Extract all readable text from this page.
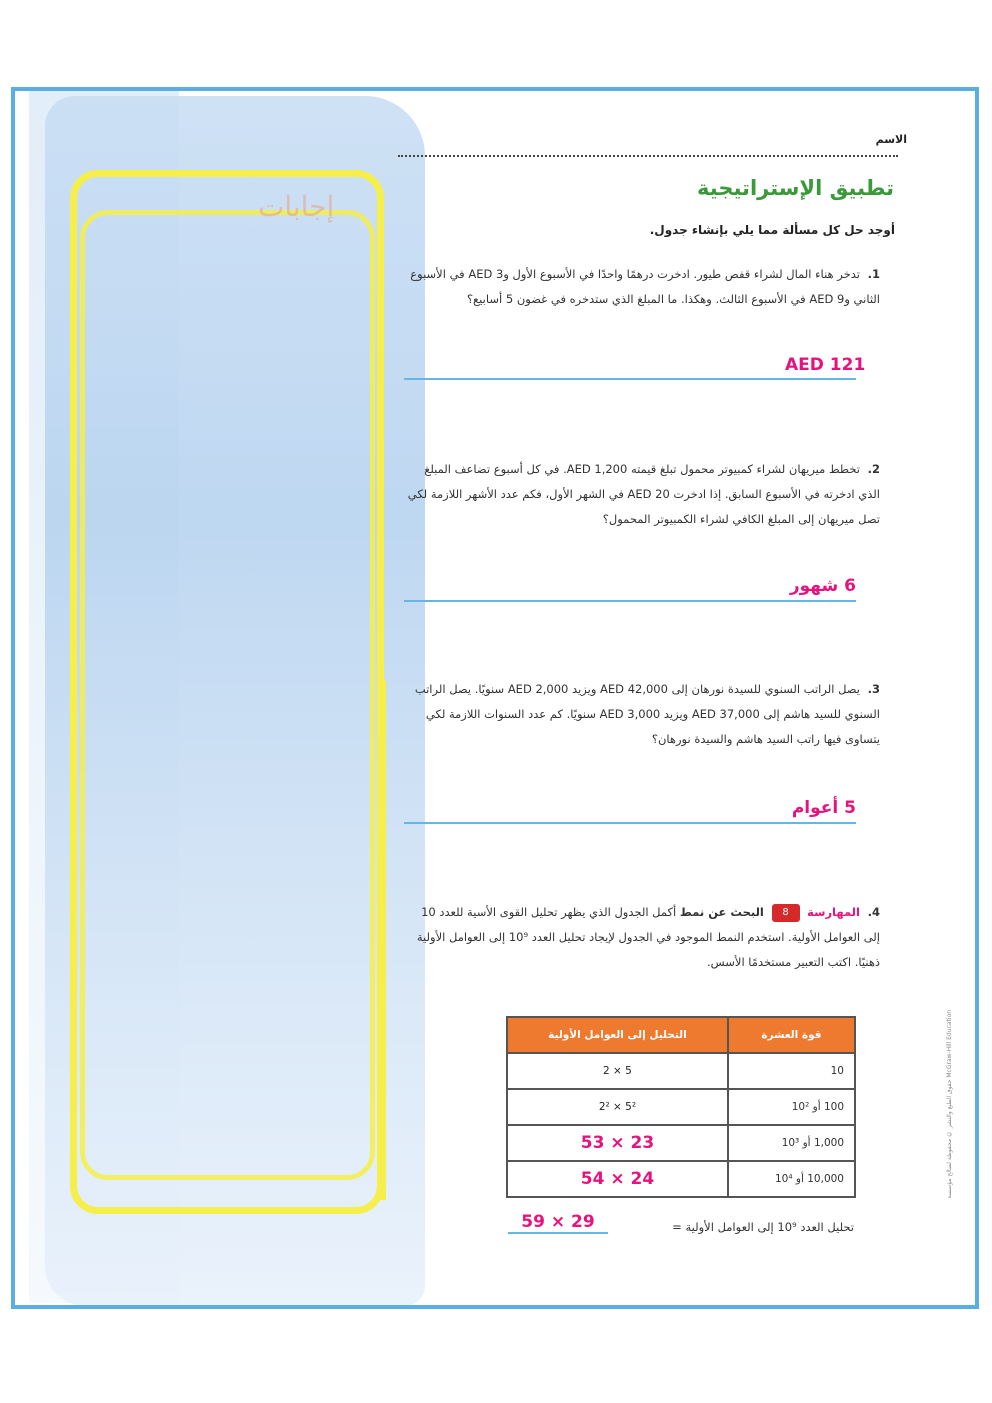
إجابات
الاسم
تطبيق الإستراتيجية
أوجد حل كل مسألة مما يلي بإنشاء جدول.
1. تدخر هناء المال لشراء قفص طيور. ادخرت درهمًا واحدًا في الأسبوع الأول و3 AED في الأسبوع الثاني و9 AED في الأسبوع الثالث. وهكذا. ما المبلغ الذي ستدخره في غضون 5 أسابيع؟
AED 121
2. تخطط ميريهان لشراء كمبيوتر محمول تبلغ قيمته AED 1,200. في كل أسبوع تضاعف المبلغ الذي ادخرته في الأسبوع السابق. إذا ادخرت AED 20 في الشهر الأول، فكم عدد الأشهر اللازمة لكي تصل ميريهان إلى المبلغ الكافي لشراء الكمبيوتر المحمول؟
6 شهور
3. يصل الراتب السنوي للسيدة نورهان إلى AED 42,000 ويزيد AED 2,000 سنويًا. يصل الراتب السنوي للسيد هاشم إلى AED 37,000 ويزيد AED 3,000 سنويًا. كم عدد السنوات اللازمة لكي يتساوى فيها راتب السيد هاشم والسيدة نورهان؟
5 أعوام
4. المهارسة 8 البحث عن نمط أكمل الجدول الذي يظهر تحليل القوى الأسية للعدد 10 إلى العوامل الأولية. استخدم النمط الموجود في الجدول لإيجاد تحليل العدد 10⁹ إلى العوامل الأولية ذهنيًا. اكتب التعبير مستخدمًا الأسس.
التحليل إلى العوامل الأولية	قوة العشرة
2 × 5	10
2² × 5²	100 أو 10²
53 × 23	1,000 أو 10³
54 × 24	10,000 أو 10⁴
تحليل العدد 10⁹ إلى العوامل الأولية =
59 × 29
حقوق الطبع والنشر © محفوظة لصالح مؤسسة McGraw-Hill Education
